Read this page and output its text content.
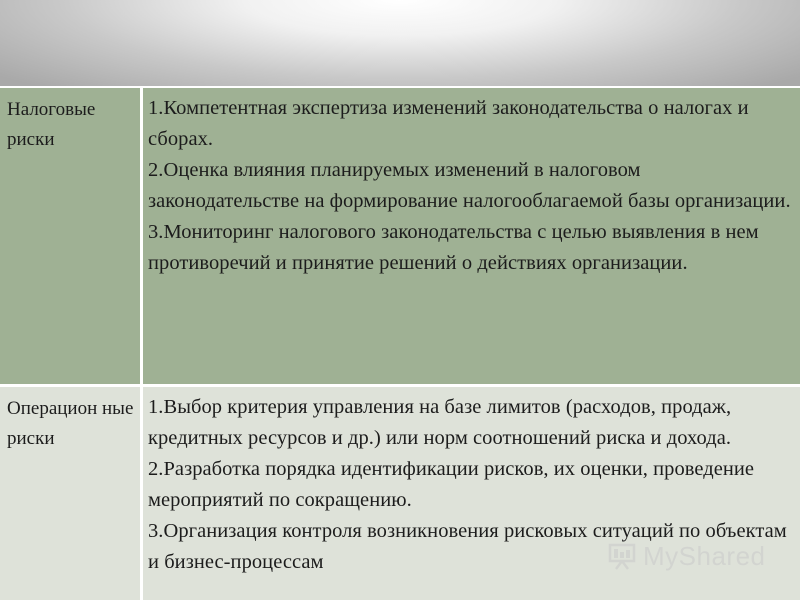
Налоговые риски

1.Компетентная экспертиза изменений законодательства о налогах и сборах.

2.Оценка влияния планируемых изменений в налоговом законодательстве на формирование налогооблагаемой базы организации.

3.Мониторинг налогового законодательства с целью выявления в нем противоречий и принятие решений о действиях организации.

Операцион ные риски

1.Выбор критерия управления на базе лимитов (расходов, продаж, кредитных ресурсов и др.) или норм соотношений риска и дохода.

2.Разработка порядка идентификации рисков, их оценки, проведение мероприятий по сокращению.

3.Организация контроля возникновения рисковых ситуаций по объектам и бизнес-процессам	MyShared
